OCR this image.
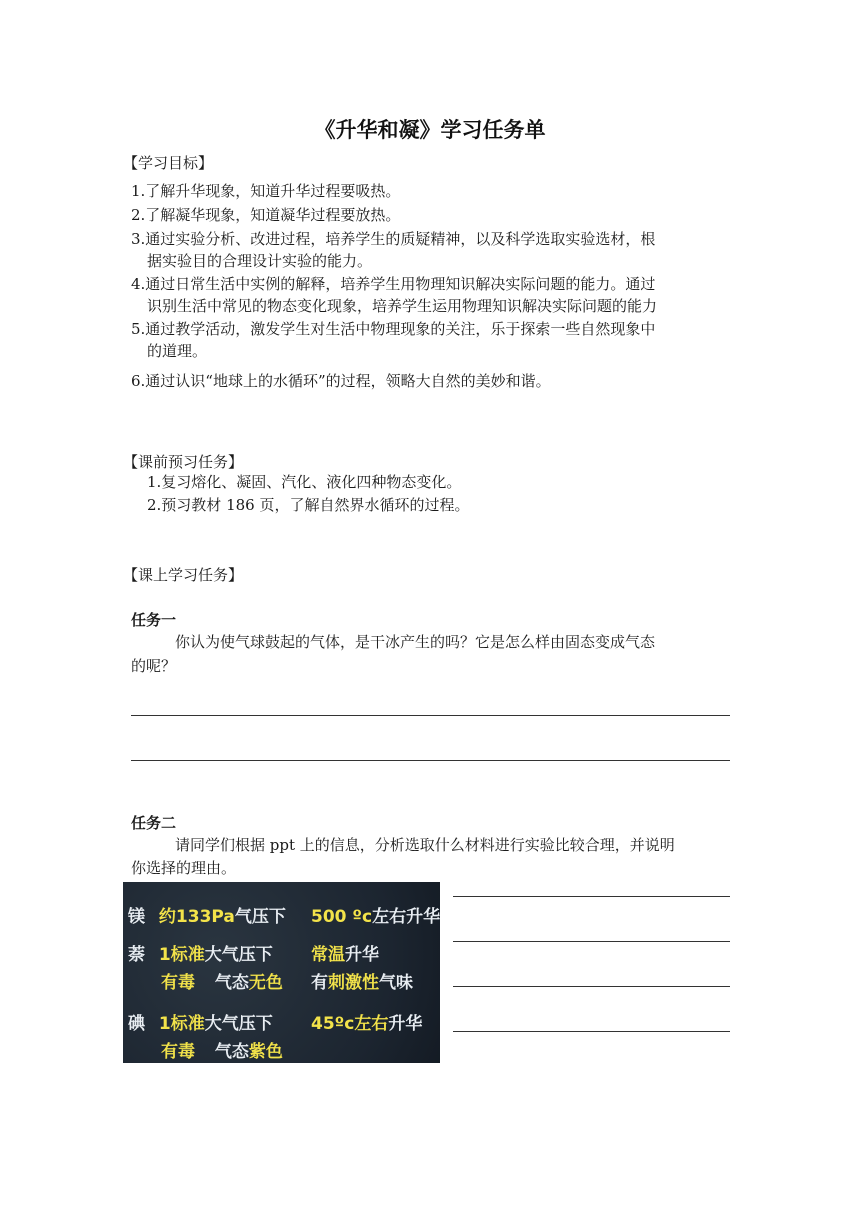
《升华和凝》学习任务单
【学习目标】
1.了解升华现象，知道升华过程要吸热。
2.了解凝华现象，知道凝华过程要放热。
3.通过实验分析、改进过程，培养学生的质疑精神，以及科学选取实验选材，根
据实验目的合理设计实验的能力。
4.通过日常生活中实例的解释，培养学生用物理知识解决实际问题的能力。通过
识别生活中常见的物态变化现象，培养学生运用物理知识解决实际问题的能力
5.通过教学活动，激发学生对生活中物理现象的关注，乐于探索一些自然现象中
的道理。
6.通过认识“地球上的水循环”的过程，领略大自然的美妙和谐。
【课前预习任务】
1.复习熔化、凝固、汽化、液化四种物态变化。
2.预习教材 186 页，了解自然界水循环的过程。
【课上学习任务】
任务一
你认为使气球鼓起的气体，是干冰产生的吗？它是怎么样由固态变成气态
的呢？
任务二
请同学们根据 ppt 上的信息，分析选取什么材料进行实验比较合理，并说明
你选择的理由。
镁 约133Pa气压下 500 ºc左右升华
萘 1标准大气压下 常温升华
有毒 气态无色 有刺激性气味
碘 1标准大气压下 45ºc左右升华
有毒 气态紫色
